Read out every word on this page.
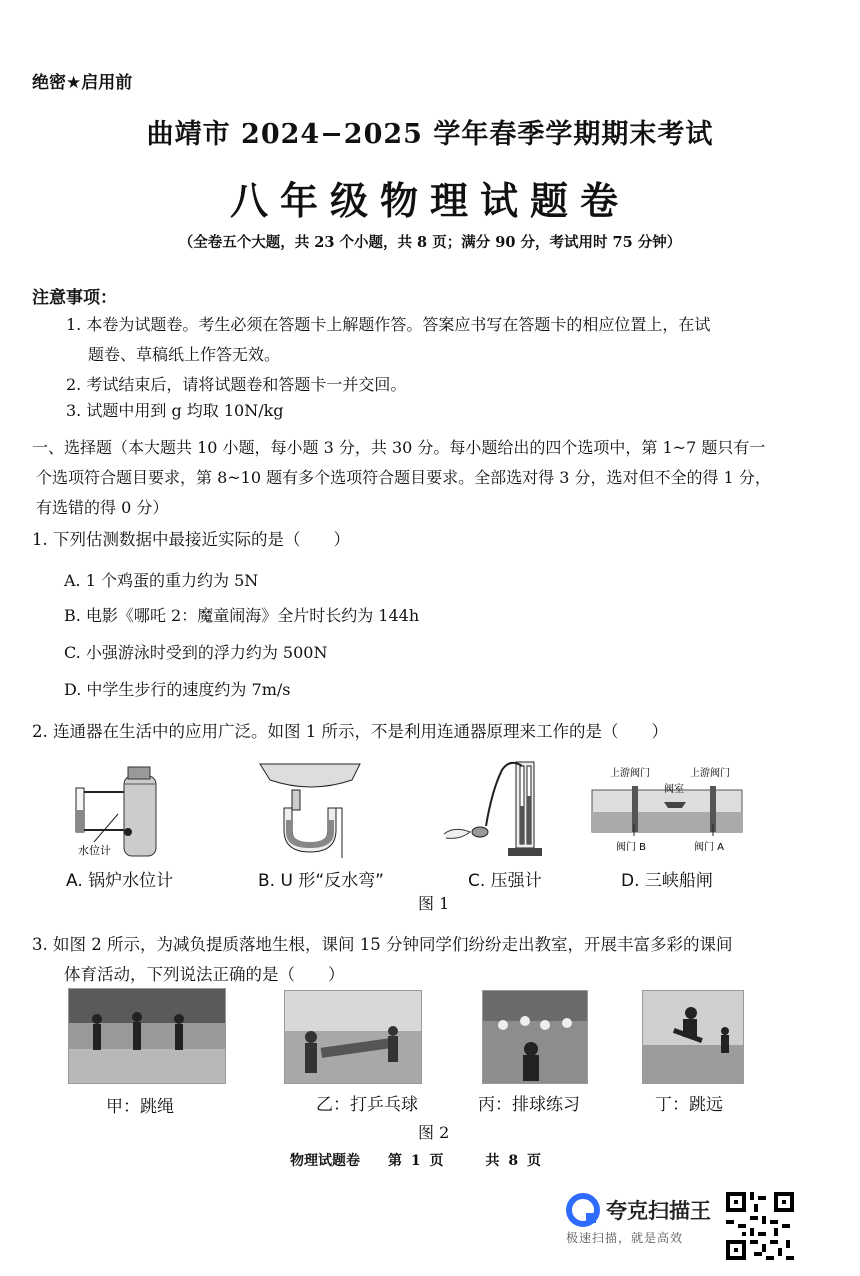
绝密★启用前
曲靖市 2024−2025 学年春季学期期末考试
八年级物理试题卷
（全卷五个大题，共 23 个小题，共 8 页；满分 90 分，考试用时 75 分钟）
注意事项：
1. 本卷为试题卷。考生必须在答题卡上解题作答。答案应书写在答题卡的相应位置上，在试
题卷、草稿纸上作答无效。
2. 考试结束后，请将试题卷和答题卡一并交回。
3. 试题中用到 g 均取 10N/kg
一、选择题（本大题共 10 小题，每小题 3 分，共 30 分。每小题给出的四个选项中，第 1~7 题只有一
个选项符合题目要求，第 8~10 题有多个选项符合题目要求。全部选对得 3 分，选对但不全的得 1 分，
有选错的得 0 分）
1. 下列估测数据中最接近实际的是（　　）
A. 1 个鸡蛋的重力约为 5N
B. 电影《哪吒 2：魔童闹海》全片时长约为 144h
C. 小强游泳时受到的浮力约为 500N
D. 中学生步行的速度约为 7m/s
2. 连通器在生活中的应用广泛。如图 1 所示，不是利用连通器原理来工作的是（　　）
水位计
上游阀门	上游阀门
阀室
阀门 B	阀门 A
A. 锅炉水位计	B. U 形“反水弯”	C. 压强计	D. 三峡船闸
图 1
3. 如图 2 所示，为减负提质落地生根，课间 15 分钟同学们纷纷走出教室，开展丰富多彩的课间
体育活动，下列说法正确的是（　　）
甲：跳绳	乙：打乒乓球	丙：排球练习	丁：跳远
图 2
物理试题卷　　第 1 页　　　共 8 页
夸克扫描王
极速扫描，就是高效
